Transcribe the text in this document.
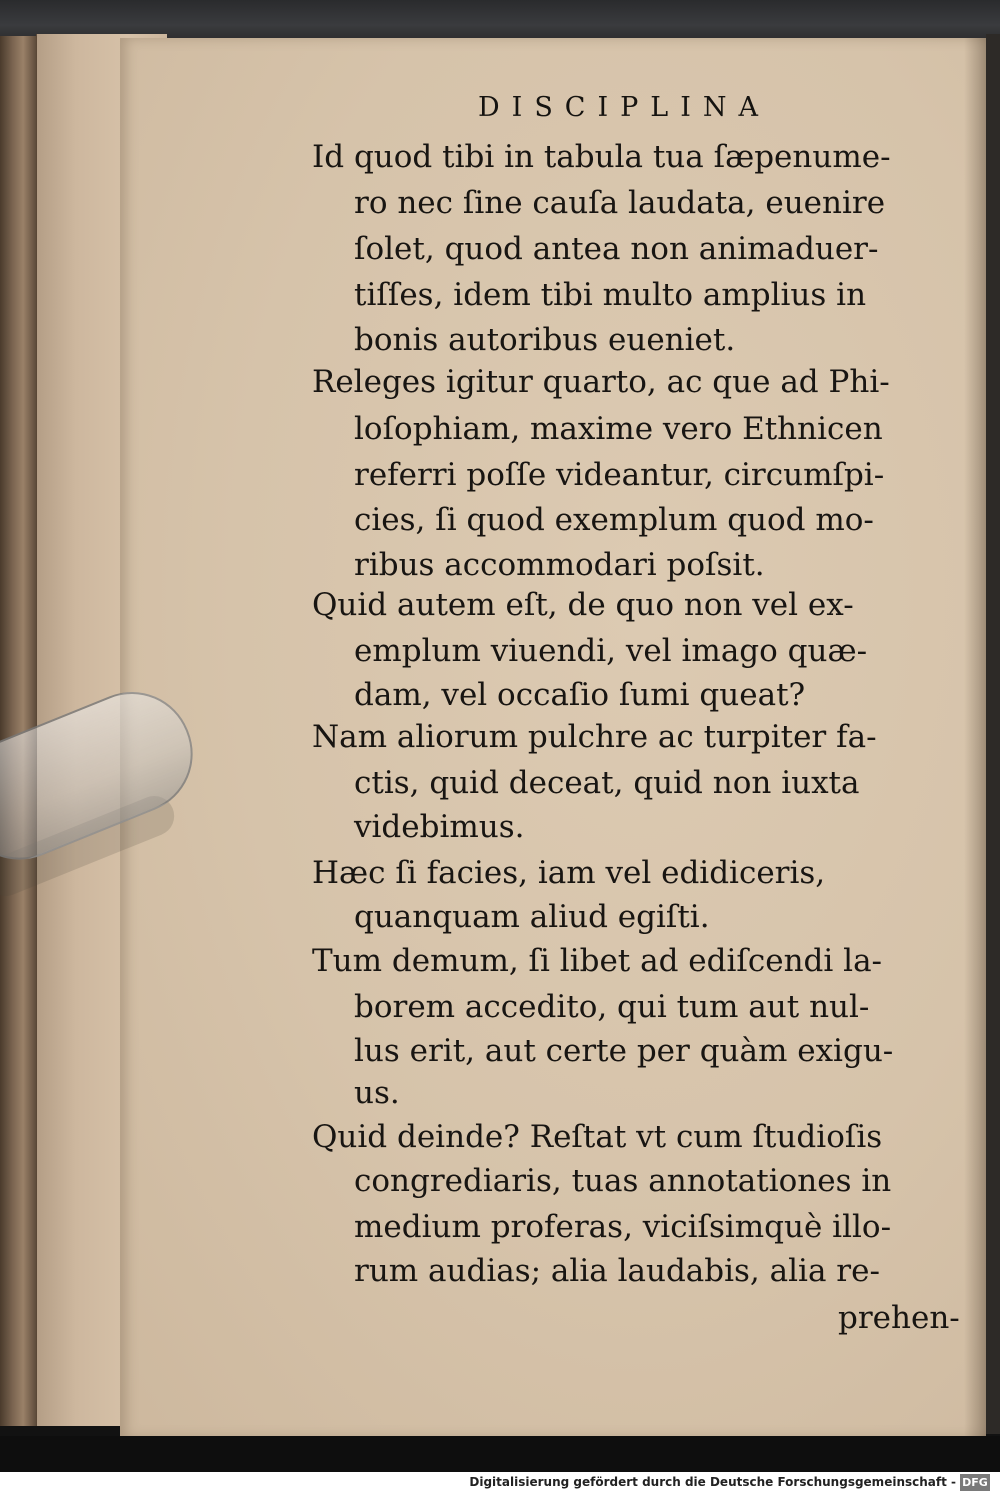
DISCIPLINA
Id quod tibi in tabula tua ſæpenume-
ro nec ſine cauſa laudata, euenire
ſolet, quod antea non animaduer-
tiſſes, idem tibi multo amplius in
bonis autoribus eueniet.
Releges igitur quarto, ac que ad Phi-
loſophiam, maxime vero Ethnicen
referri poſſe videantur, circumſpi-
cies, ſi quod exemplum quod mo-
ribus accommodari poſsit.
Quid autem eſt, de quo non vel ex-
emplum viuendi, vel imago quæ-
dam, vel occaſio ſumi queat?
Nam aliorum pulchre ac turpiter fa-
ctis, quid deceat, quid non iuxta
videbimus.
Hæc ſi facies, iam vel edidiceris,
quanquam aliud egiſti.
Tum demum, ſi libet ad ediſcendi la-
borem accedito, qui tum aut nul-
lus erit, aut certe per quàm exigu-
us.
Quid deinde? Reſtat vt cum ſtudioſis
congrediaris, tuas annotationes in
medium proferas, viciſsimquè illo-
rum audias; alia laudabis, alia re-
prehen-
Digitalisierung gefördert durch die Deutsche Forschungsgemeinschaft - DFG
